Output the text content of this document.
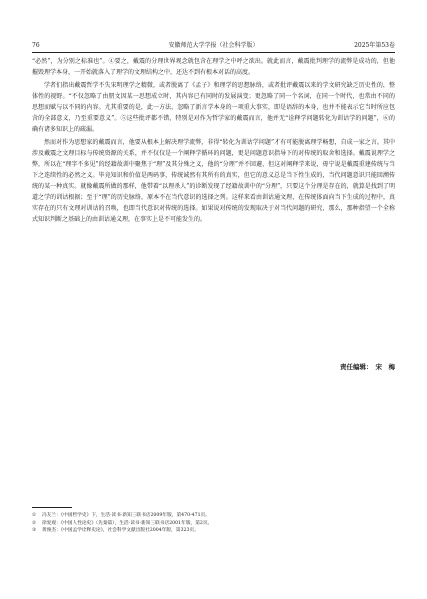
76	安徽师范大学学报（社会科学版）	2025年第53卷

“必然”，为分别之标准也”。④要之，戴震的分理世界观念就包含在理学之中呼之欲出。就此而言，戴震批判理学的流弊是成功的，但他摧毁理学本身，一开始就落入了理学的文理结构之中，还达不到有根本对话的高度。

学者们指出戴震哲学不失宋明理学之精微，或者脱离了《孟子》和理学的思想脉络，或者批评戴震以来的学文研究缺乏历史性的，整体性的视野。“不仅忽略了由朋文因某一思想成立时，其内容已有同时的发展演变；更忽略了同一个名词，在同一个时代，也常由不同的思想而赋与以不同的内容。尤其重要的是，此一方法，忽略了新言学本身的一项重大事实，即是语辞的本身，也并不能表示它当时所应包含的全部意义，乃至重要意义”。⑤这些批评都不错，特别是对作为哲学家的戴震而言，他并无“诠释学问题转化为训诂学的问题”，⑥的确有诸多知识上的疏漏。

然而对作为思想家的戴震而言，他要从根本上解决理学流弊，非得“转化为训诂学问题”才有可能脱离理学畅想，自成一家之言。其中涉及戴震之文理目标与传统资源的关系，并不仅仅是一个阐释学循环的问题，更是问题意识指导下的对传统的取舍和选择。戴震说理学之弊，所以在“理字不多见”的经籍故训中聚焦于“理”及其分殊之义，他的“分理”并不回避，但这对阐释学来说，毋宁说是戴震重建传统与当下之连续性的必然之义。毕竟知识和价值是两码事，传统诚然有其所有的真实，但它的意义总是当下性生成的，当代问题意识只能回溯传统的某一种真实。就像戴震所做的那样，他带着“以理杀人”的诊断发现了经籍故训中的“分理”，只要这个分理是存在的，就算是找到了明道之学的训诂根据；至于“理”的历史脉络，原本不在当代意识的选择之列。这样来看由训诂通文理，在传统体面向当下生成的过程中，真实存在的只有文理对训诂的召唤，也即当代意识对传统的选择。如果说对传统的发现取决于对当代问题的研究，那么，那种指望一个全称式知识判断之基础上的由训诂通义理，在事实上是不可能发生的。

责任编辑： 宋　梅
① 冯友兰：《中国哲学史》下，生活·读书·新知三联书店2009年版，第470-471页。
② 徐复观：《中国人性论史》（先秦篇），生活·读书·新知三联书店2001年版，第2页。
③ 黄俊杰：《中国孟学诠释史论》，社会科学文献出版社2004年版，第323页。
